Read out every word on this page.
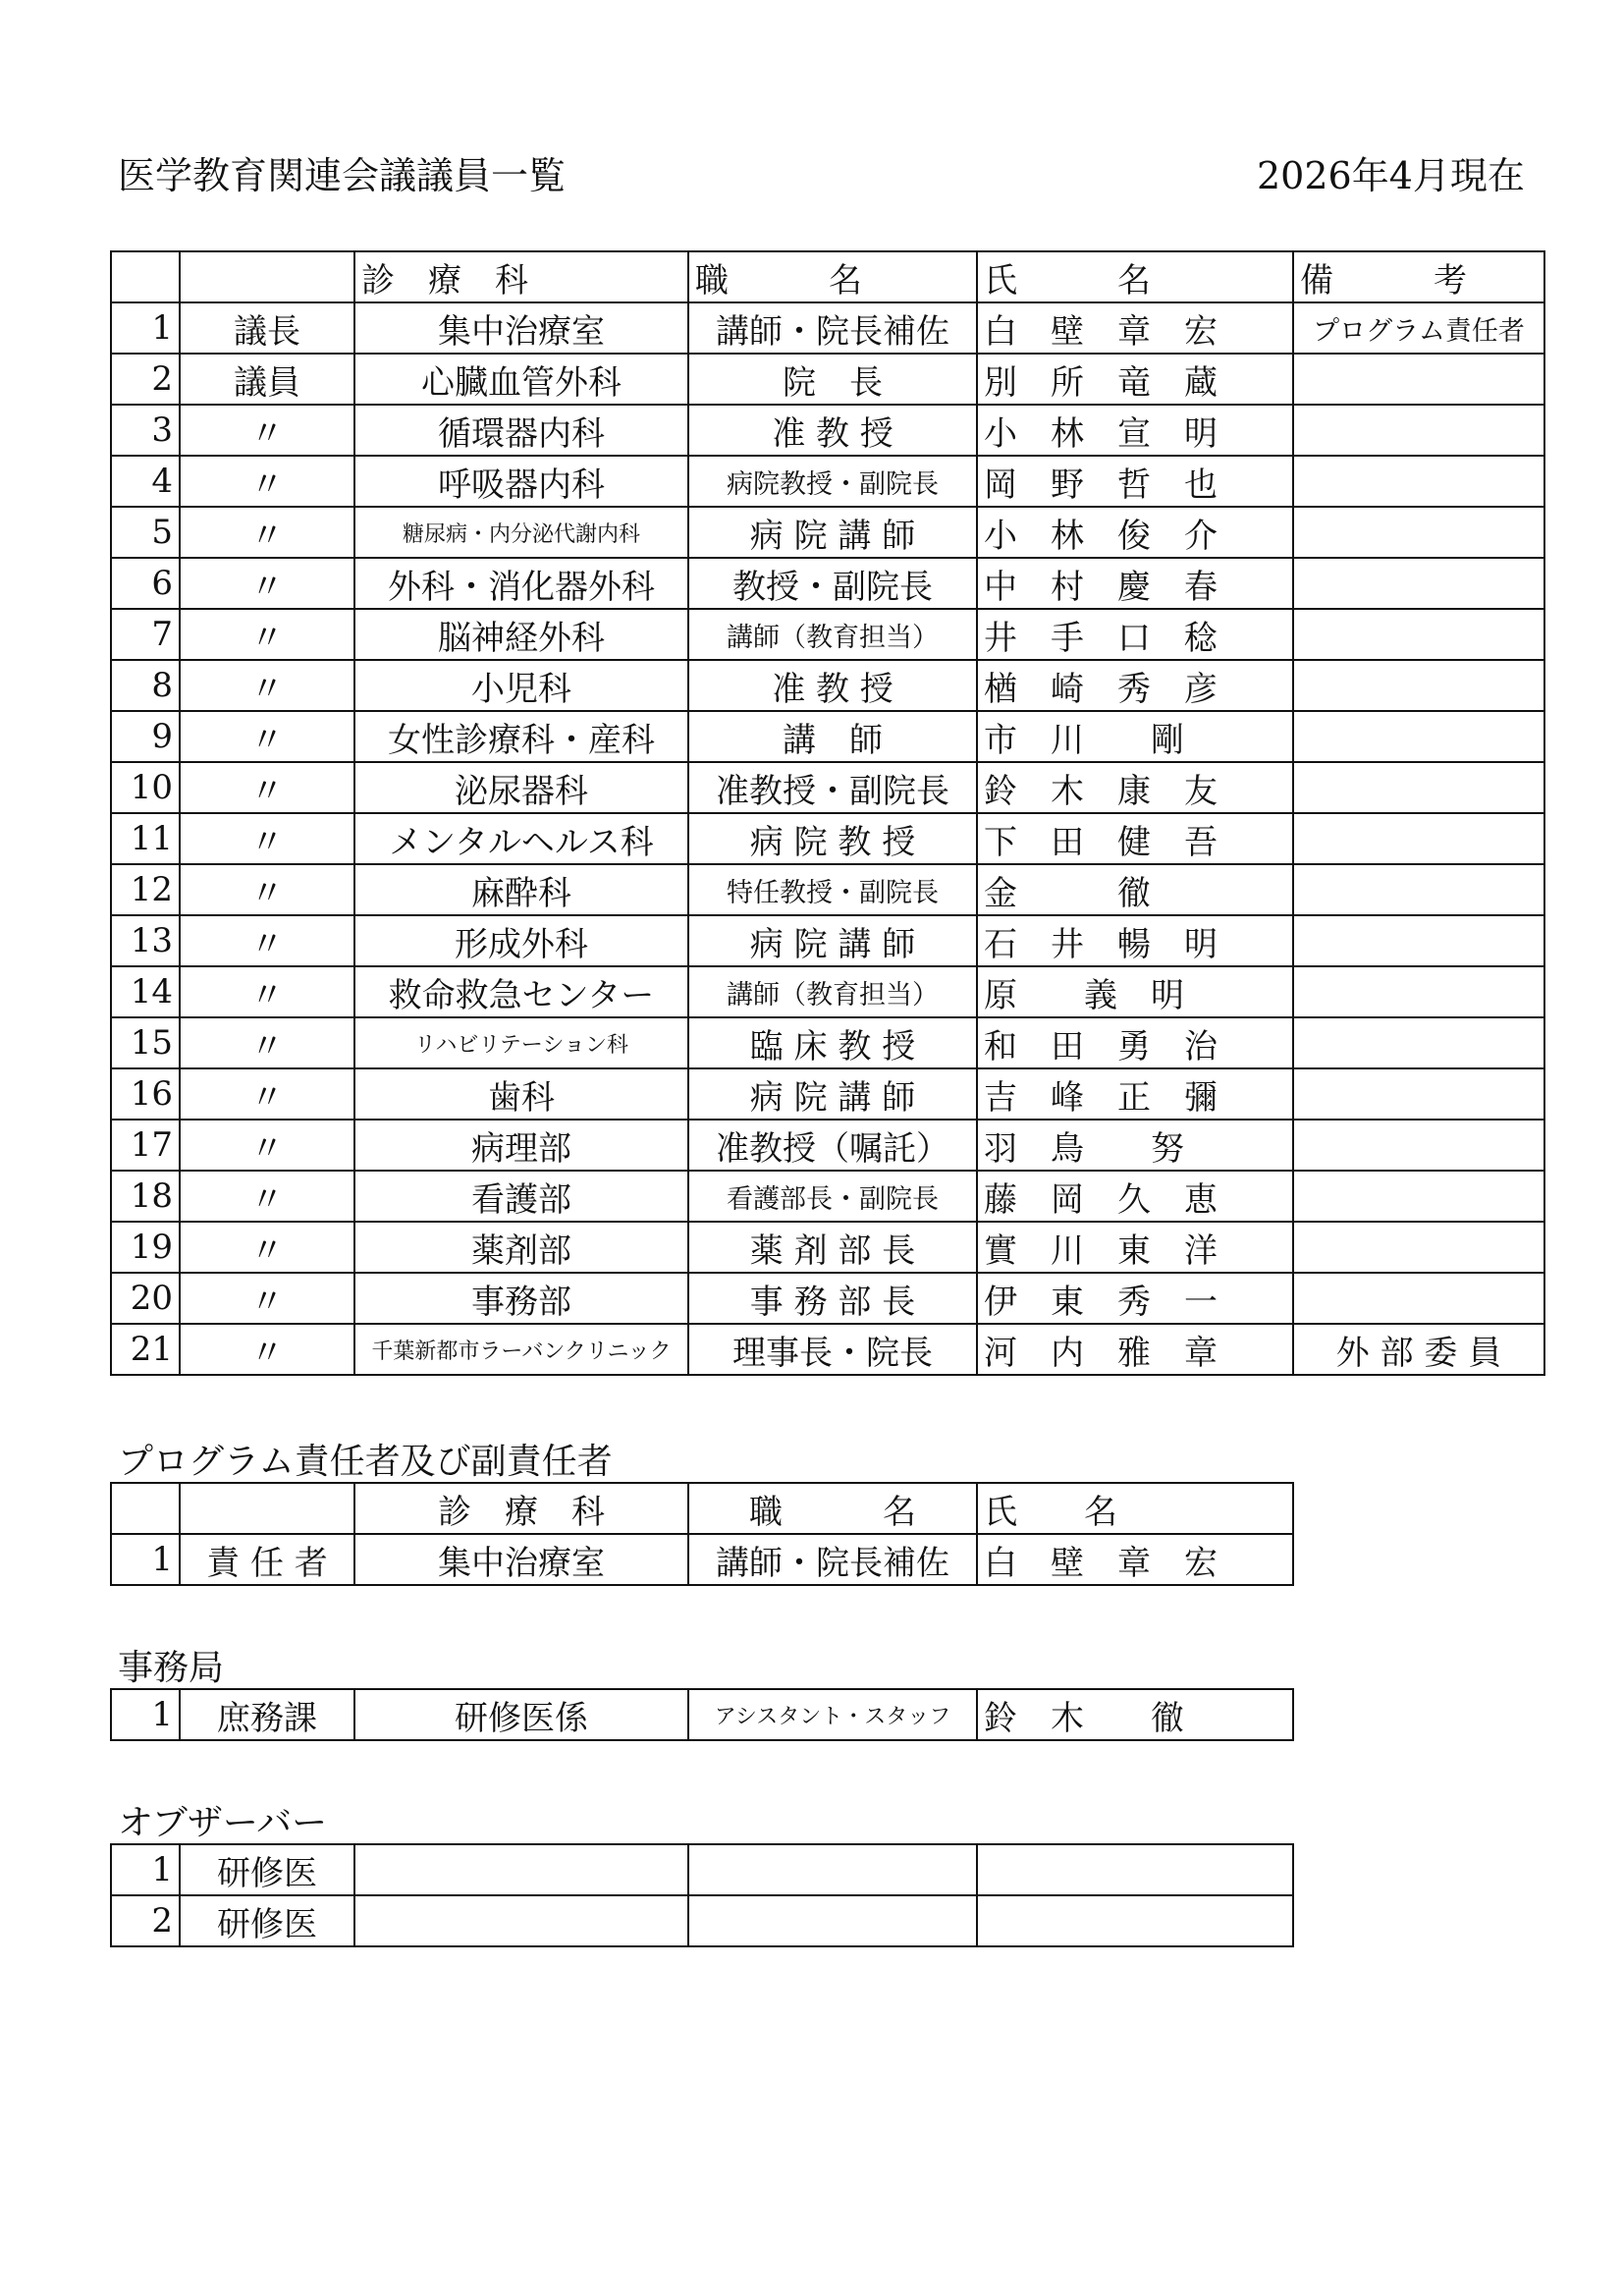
医学教育関連会議議員一覧	2026年4月現在
		診　療　科	職　　　名	氏　　　名	備　　　考
1	議長	集中治療室	講師・院長補佐	白　壁　章　宏	プログラム責任者
2	議員	心臓血管外科	院　長	別　所　竜　蔵	
3	〃	循環器内科	准 教 授	小　林　宣　明	
4	〃	呼吸器内科	病院教授・副院長	岡　野　哲　也	
5	〃	糖尿病・内分泌代謝内科	病 院 講 師	小　林　俊　介	
6	〃	外科・消化器外科	教授・副院長	中　村　慶　春	
7	〃	脳神経外科	講師（教育担当）	井　手　口　稔	
8	〃	小児科	准 教 授	楢　崎　秀　彦	
9	〃	女性診療科・産科	講　師	市　川　　剛	
10	〃	泌尿器科	准教授・副院長	鈴　木　康　友	
11	〃	メンタルヘルス科	病 院 教 授	下　田　健　吾	
12	〃	麻酔科	特任教授・副院長	金　　　徹	
13	〃	形成外科	病 院 講 師	石　井　暢　明	
14	〃	救命救急センター	講師（教育担当）	原　　義　明	
15	〃	リハビリテーション科	臨 床 教 授	和　田　勇　治	
16	〃	歯科	病 院 講 師	吉　峰　正　彌	
17	〃	病理部	准教授（嘱託）	羽　鳥　　努	
18	〃	看護部	看護部長・副院長	藤　岡　久　恵	
19	〃	薬剤部	薬 剤 部 長	實　川　東　洋	
20	〃	事務部	事 務 部 長	伊　東　秀　一	
21	〃	千葉新都市ラーバンクリニック	理事長・院長	河　内　雅　章	外 部 委 員
プログラム責任者及び副責任者
		診　療　科	職　　　名	氏　　名
1	責 任 者	集中治療室	講師・院長補佐	白　壁　章　宏
事務局
1	庶務課	研修医係	アシスタント・スタッフ	鈴　木　　徹
オブザーバー
1	研修医			
2	研修医			
